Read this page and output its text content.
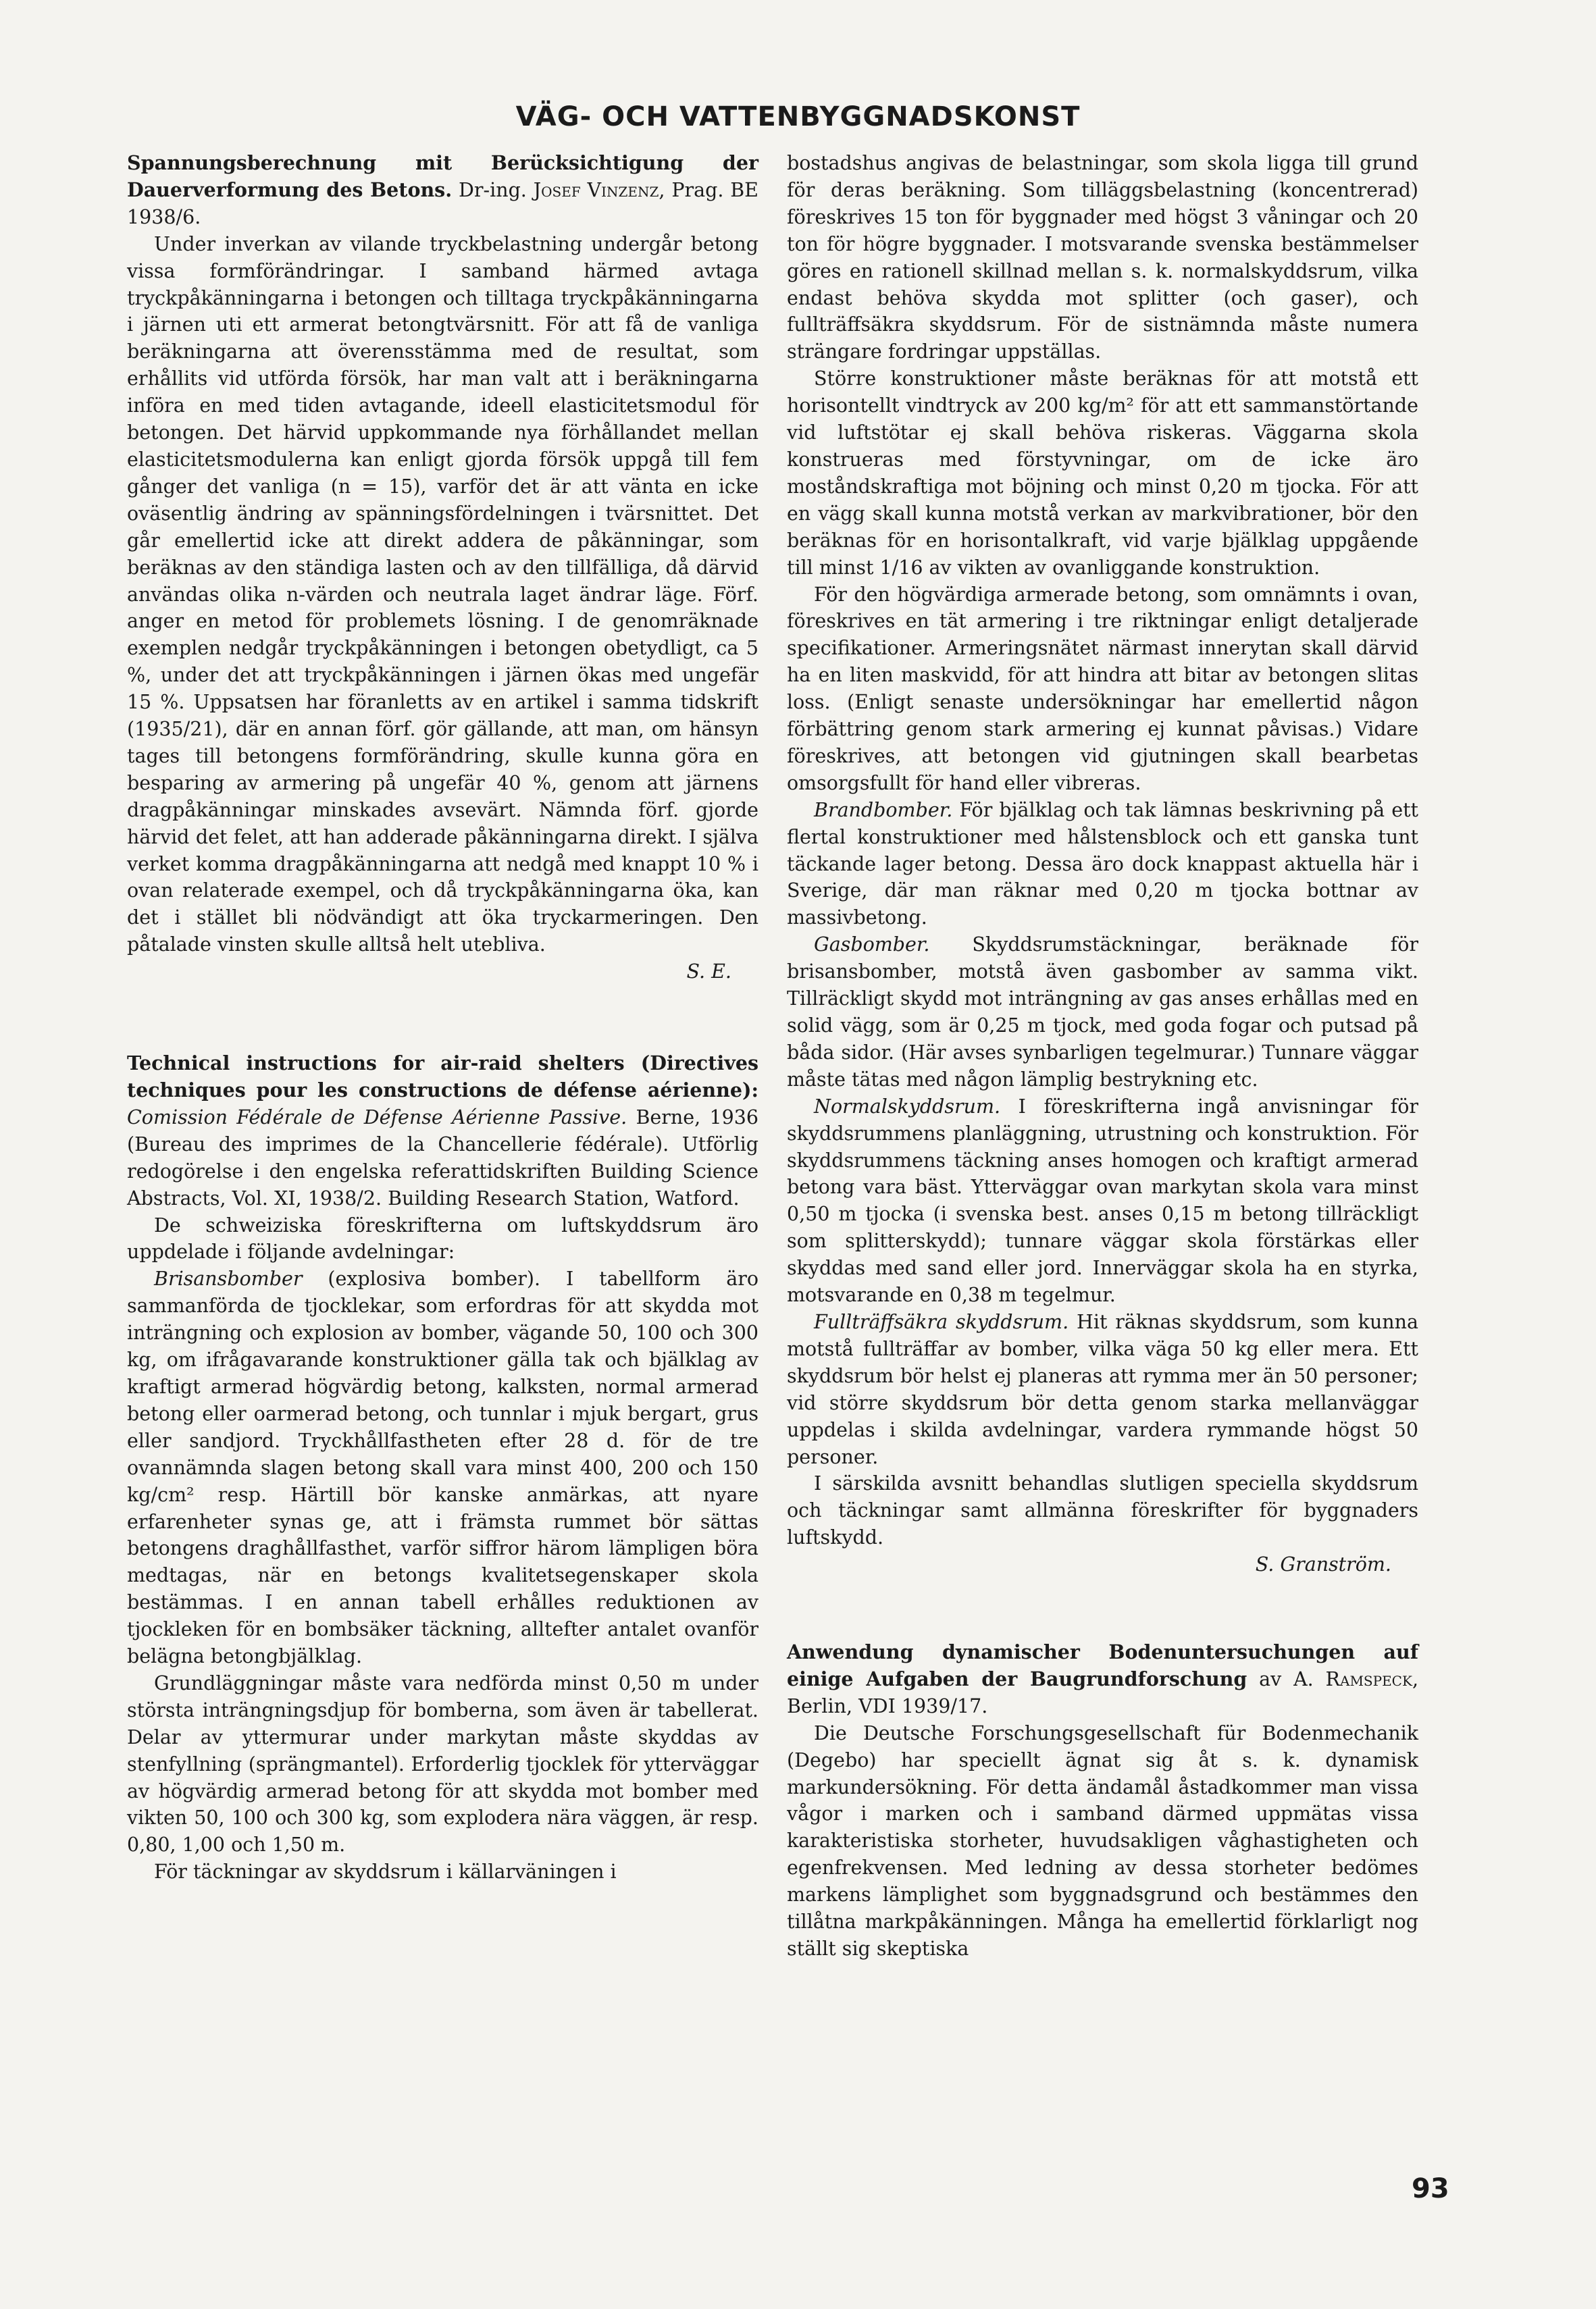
VÄG- OCH VATTENBYGGNADSKONST

Spannungsberechnung mit Berücksichtigung der Dauerverformung des Betons. Dr-ing. Josef Vinzenz, Prag. BE 1938/6.

Under inverkan av vilande tryckbelastning undergår betong vissa formförändringar. I samband härmed avtaga tryckpåkänningarna i betongen och tilltaga tryckpåkänningarna i järnen uti ett armerat betongtvärsnitt. För att få de vanliga beräkningarna att överensstämma med de resultat, som erhållits vid utförda försök, har man valt att i beräkningarna införa en med tiden avtagande, ideell elasticitetsmodul för betongen. Det härvid uppkommande nya förhållandet mellan elasticitetsmodulerna kan enligt gjorda försök uppgå till fem gånger det vanliga (n = 15), varför det är att vänta en icke oväsentlig ändring av spänningsfördelningen i tvärsnittet. Det går emellertid icke att direkt addera de påkänningar, som beräknas av den ständiga lasten och av den tillfälliga, då därvid användas olika n-värden och neutrala laget ändrar läge. Förf. anger en metod för problemets lösning. I de genomräknade exemplen nedgår tryckpåkänningen i betongen obetydligt, ca 5 %, under det att tryckpåkänningen i järnen ökas med ungefär 15 %. Uppsatsen har föranletts av en artikel i samma tidskrift (1935/21), där en annan förf. gör gällande, att man, om hänsyn tages till betongens formförändring, skulle kunna göra en besparing av armering på ungefär 40 %, genom att järnens dragpåkänningar minskades avsevärt. Nämnda förf. gjorde härvid det felet, att han adderade påkänningarna direkt. I själva verket komma dragpåkänningarna att nedgå med knappt 10 % i ovan relaterade exempel, och då tryckpåkänningarna öka, kan det i stället bli nödvändigt att öka tryckarmeringen. Den påtalade vinsten skulle alltså helt utebliva.

S. E.

Technical instructions for air-raid shelters (Directives techniques pour les constructions de défense aérienne): Comission Fédérale de Défense Aérienne Passive. Berne, 1936 (Bureau des imprimes de la Chancellerie fédérale). Utförlig redogörelse i den engelska referattidskriften Building Science Abstracts, Vol. XI, 1938/2. Building Research Station, Watford.

De schweiziska föreskrifterna om luftskyddsrum äro uppdelade i följande avdelningar:

Brisansbomber (explosiva bomber). I tabellform äro sammanförda de tjocklekar, som erfordras för att skydda mot inträngning och explosion av bomber, vägande 50, 100 och 300 kg, om ifrågavarande konstruktioner gälla tak och bjälklag av kraftigt armerad högvärdig betong, kalksten, normal armerad betong eller oarmerad betong, och tunnlar i mjuk bergart, grus eller sandjord. Tryckhållfastheten efter 28 d. för de tre ovannämnda slagen betong skall vara minst 400, 200 och 150 kg/cm² resp. Härtill bör kanske anmärkas, att nyare erfarenheter synas ge, att i främsta rummet bör sättas betongens draghållfasthet, varför siffror härom lämpligen böra medtagas, när en betongs kvalitetsegenskaper skola bestämmas. I en annan tabell erhålles reduktionen av tjockleken för en bombsäker täckning, alltefter antalet ovanför belägna betongbjälklag.

Grundläggningar måste vara nedförda minst 0,50 m under största inträngningsdjup för bomberna, som även är tabellerat. Delar av yttermurar under markytan måste skyddas av stenfyllning (sprängmantel). Erforderlig tjocklek för ytterväggar av högvärdig armerad betong för att skydda mot bomber med vikten 50, 100 och 300 kg, som explodera nära väggen, är resp. 0,80, 1,00 och 1,50 m.

För täckningar av skyddsrum i källarväningen i

bostadshus angivas de belastningar, som skola ligga till grund för deras beräkning. Som tilläggsbelastning (koncentrerad) föreskrives 15 ton för byggnader med högst 3 våningar och 20 ton för högre byggnader. I motsvarande svenska bestämmelser göres en rationell skillnad mellan s. k. normalskyddsrum, vilka endast behöva skydda mot splitter (och gaser), och fullträffsäkra skyddsrum. För de sistnämnda måste numera strängare fordringar uppställas.

Större konstruktioner måste beräknas för att motstå ett horisontellt vindtryck av 200 kg/m² för att ett sammanstörtande vid luftstötar ej skall behöva riskeras. Väggarna skola konstrueras med förstyvningar, om de icke äro moståndskraftiga mot böjning och minst 0,20 m tjocka. För att en vägg skall kunna motstå verkan av markvibrationer, bör den beräknas för en horisontalkraft, vid varje bjälklag uppgående till minst 1/16 av vikten av ovanliggande konstruktion.

För den högvärdiga armerade betong, som omnämnts i ovan, föreskrives en tät armering i tre riktningar enligt detaljerade specifikationer. Armeringsnätet närmast innerytan skall därvid ha en liten maskvidd, för att hindra att bitar av betongen slitas loss. (Enligt senaste undersökningar har emellertid någon förbättring genom stark armering ej kunnat påvisas.) Vidare föreskrives, att betongen vid gjutningen skall bearbetas omsorgsfullt för hand eller vibreras.

Brandbomber. För bjälklag och tak lämnas beskrivning på ett flertal konstruktioner med hålstensblock och ett ganska tunt täckande lager betong. Dessa äro dock knappast aktuella här i Sverige, där man räknar med 0,20 m tjocka bottnar av massivbetong.

Gasbomber. Skyddsrumstäckningar, beräknade för brisansbomber, motstå även gasbomber av samma vikt. Tillräckligt skydd mot inträngning av gas anses erhållas med en solid vägg, som är 0,25 m tjock, med goda fogar och putsad på båda sidor. (Här avses synbarligen tegelmurar.) Tunnare väggar måste tätas med någon lämplig bestrykning etc.

Normalskyddsrum. I föreskrifterna ingå anvisningar för skyddsrummens planläggning, utrustning och konstruktion. För skyddsrummens täckning anses homogen och kraftigt armerad betong vara bäst. Ytterväggar ovan markytan skola vara minst 0,50 m tjocka (i svenska best. anses 0,15 m betong tillräckligt som splitterskydd); tunnare väggar skola förstärkas eller skyddas med sand eller jord. Innerväggar skola ha en styrka, motsvarande en 0,38 m tegelmur.

Fullträffsäkra skyddsrum. Hit räknas skyddsrum, som kunna motstå fullträffar av bomber, vilka väga 50 kg eller mera. Ett skyddsrum bör helst ej planeras att rymma mer än 50 personer; vid större skyddsrum bör detta genom starka mellanväggar uppdelas i skilda avdelningar, vardera rymmande högst 50 personer.

I särskilda avsnitt behandlas slutligen speciella skyddsrum och täckningar samt allmänna föreskrifter för byggnaders luftskydd.

S. Granström.

Anwendung dynamischer Bodenuntersuchungen auf einige Aufgaben der Baugrundforschung av A. Ramspeck, Berlin, VDI 1939/17.

Die Deutsche Forschungsgesellschaft für Bodenmechanik (Degebo) har speciellt ägnat sig åt s. k. dynamisk markundersökning. För detta ändamål åstadkommer man vissa vågor i marken och i samband därmed uppmätas vissa karakteristiska storheter, huvudsakligen våghastigheten och egenfrekvensen. Med ledning av dessa storheter bedömes markens lämplighet som byggnadsgrund och bestämmes den tillåtna markpåkänningen. Många ha emellertid förklarligt nog ställt sig skeptiska

93
